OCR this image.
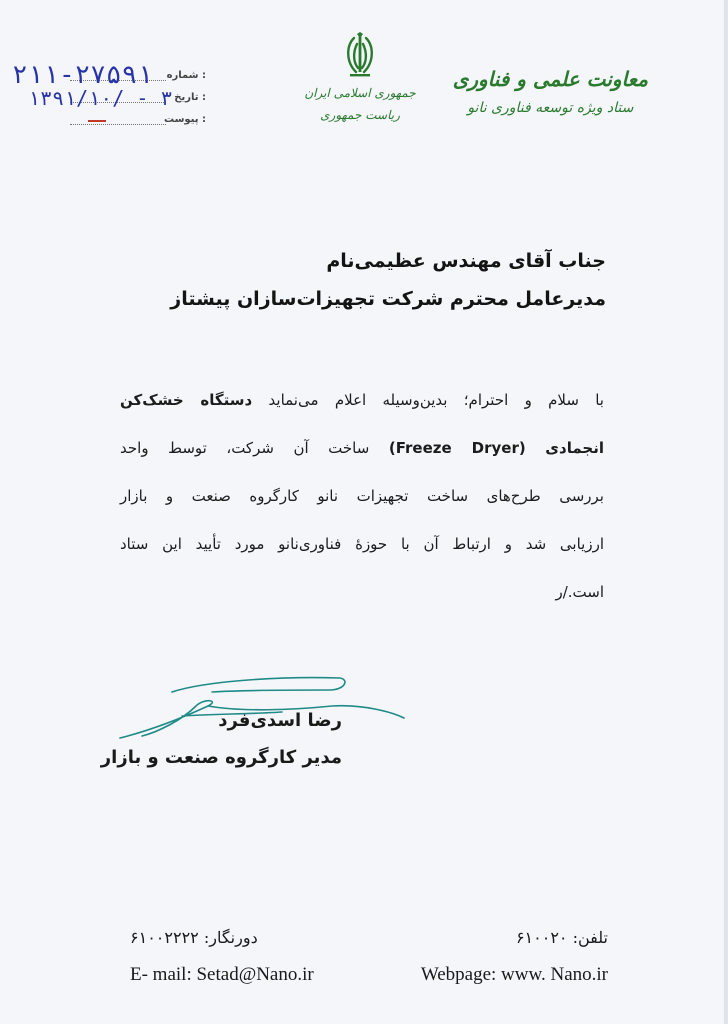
شماره :
۲۱۱-۲۷۵۹۱
تاریخ :
۱۳۹۱/۱۰/ - ۳
پیوست :
جمهوری اسلامی ایران
ریاست جمهوری
معاونت علمی و فناوری
ستاد ویژه توسعه فناوری نانو
جناب آقای مهندس عظیمی‌نام
مدیرعامل محترم شرکت تجهیزات‌سازان پیشتاز
با سلام و احترام؛ بدین‌وسیله اعلام می‌نماید دستگاه خشک‌کن
انجمادی (Freeze Dryer) ساخت آن شرکت، توسط واحد
بررسی طرح‌های ساخت تجهیزات نانو کارگروه صنعت و بازار
ارزیابی شد و ارتباط آن با حوزهٔ فناوری‌نانو مورد تأیید این ستاد
است./ر
رضا اسدی‌فرد
مدیر کارگروه صنعت و بازار
تلفن: ۶۱۰۰۲۰
دورنگار: ۶۱۰۰۲۲۲۲
Webpage: www. Nano.ir
E- mail: Setad@Nano.ir
